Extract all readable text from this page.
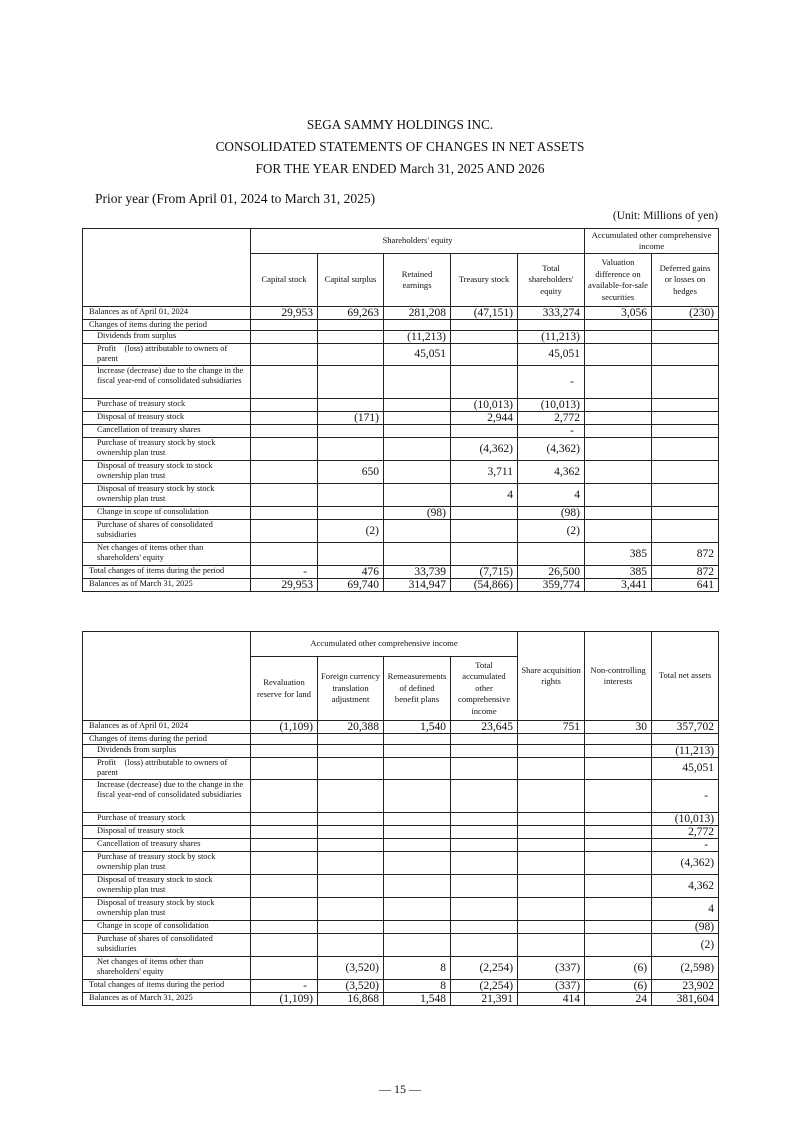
SEGA SAMMY HOLDINGS INC.
CONSOLIDATED STATEMENTS OF CHANGES IN NET ASSETS
FOR THE YEAR ENDED March 31, 2025 AND 2026
Prior year (From April 01, 2024 to March 31, 2025)
(Unit: Millions of yen)
	Shareholders' equity					Accumulated other comprehensive income	
	Capital stock	Capital surplus	Retained earnings	Treasury stock	Total shareholders' equity	Valuation difference on available-for-sale securities	Deferred gains or losses on hedges
Balances as of April 01, 2024	29,953	69,263	281,208	(47,151)	333,274	3,056	(230)
Changes of items during the period							
Dividends from surplus			(11,213)		(11,213)		
Profit　(loss) attributable to owners of parent			45,051		45,051		
Increase (decrease) due to the change in the fiscal year-end of consolidated subsidiaries					-		
Purchase of treasury stock				(10,013)	(10,013)		
Disposal of treasury stock		(171)		2,944	2,772		
Cancellation of treasury shares					-		
Purchase of treasury stock by stock ownership plan trust				(4,362)	(4,362)		
Disposal of treasury stock to stock ownership plan trust		650		3,711	4,362		
Disposal of treasury stock by stock ownership plan trust				4	4		
Change in scope of consolidation			(98)		(98)		
Purchase of shares of consolidated　subsidiaries		(2)			(2)		
Net changes of items other than shareholders' equity						385	872
Total changes of items during the period	-	476	33,739	(7,715)	26,500	385	872
Balances as of March 31, 2025	29,953	69,740	314,947	(54,866)	359,774	3,441	641
	Accumulated other comprehensive income				Share acquisition rights	Non-controlling interests	Total net assets
	Revaluation reserve for land	Foreign currency translation adjustment	Remeasurements of defined benefit plans	Total accumulated other comprehensive income			
Balances as of April 01, 2024	(1,109)	20,388	1,540	23,645	751	30	357,702
Changes of items during the period							
Dividends from surplus							(11,213)
Profit　(loss) attributable to owners of parent							45,051
Increase (decrease) due to the change in the fiscal year-end of consolidated subsidiaries							-
Purchase of treasury stock							(10,013)
Disposal of treasury stock							2,772
Cancellation of treasury shares							-
Purchase of treasury stock by stock ownership plan trust							(4,362)
Disposal of treasury stock to stock ownership plan trust							4,362
Disposal of treasury stock by stock ownership plan trust							4
Change in scope of consolidation							(98)
Purchase of shares of consolidated　subsidiaries							(2)
Net changes of items other than shareholders' equity		(3,520)	8	(2,254)	(337)	(6)	(2,598)
Total changes of items during the period	-	(3,520)	8	(2,254)	(337)	(6)	23,902
Balances as of March 31, 2025	(1,109)	16,868	1,548	21,391	414	24	381,604
— 15 —
